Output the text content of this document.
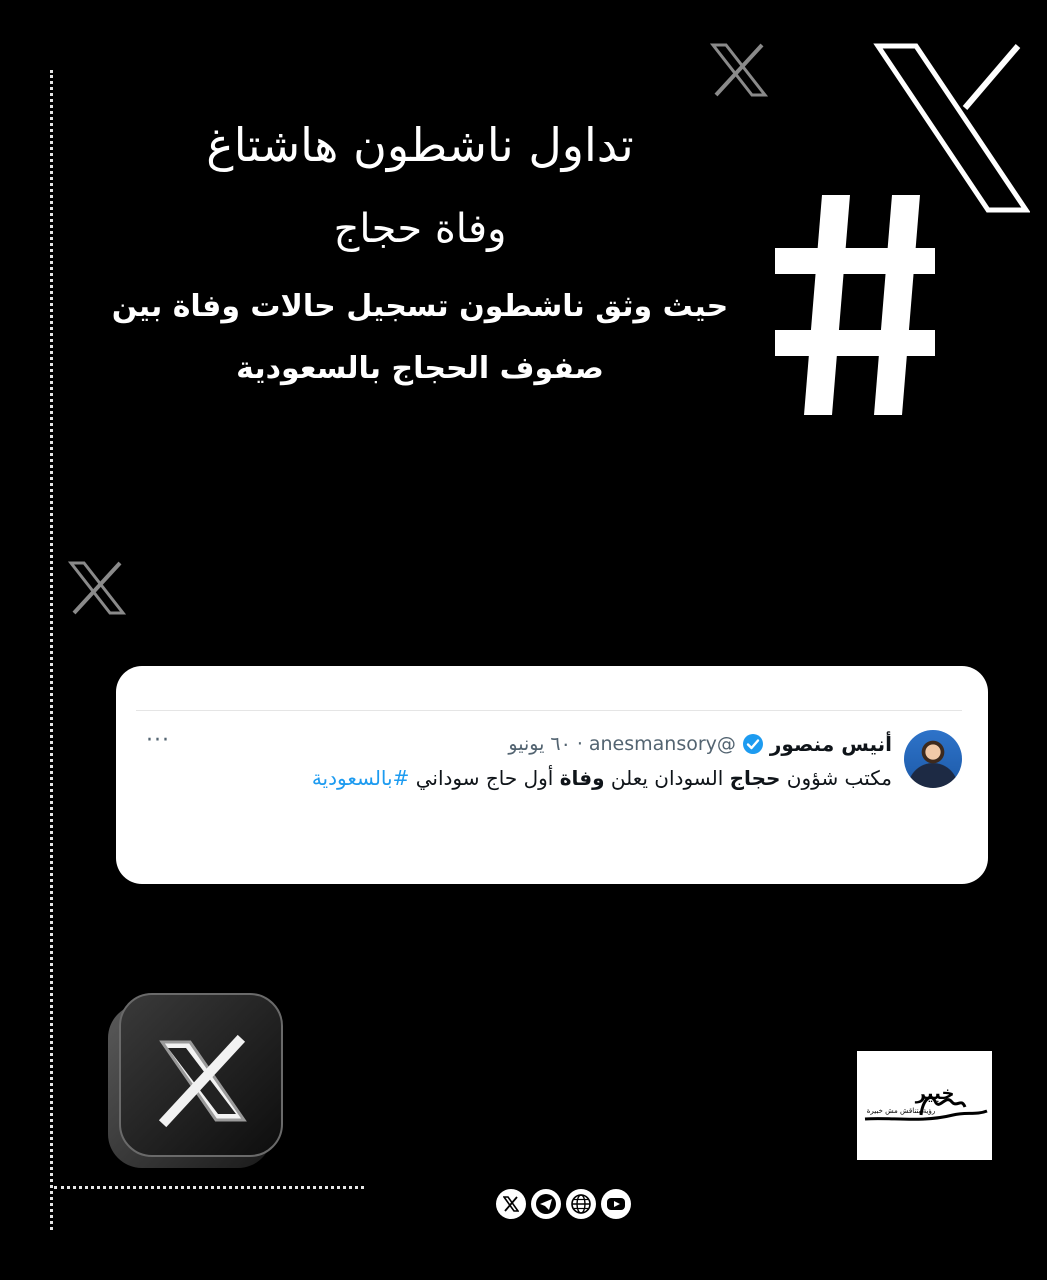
تداول ناشطون هاشتاغ
وفاة حجاج
حيث وثق ناشطون تسجيل حالات وفاة بين
صفوف الحجاج بالسعودية
أنيس منصور
@anesmansory
·
٦٠ يونيو
مكتب شؤون حجاج السودان يعلن وفاة أول حاج سوداني #بالسعودية
···
خبير
رؤية بتناقش مش خبيرة
